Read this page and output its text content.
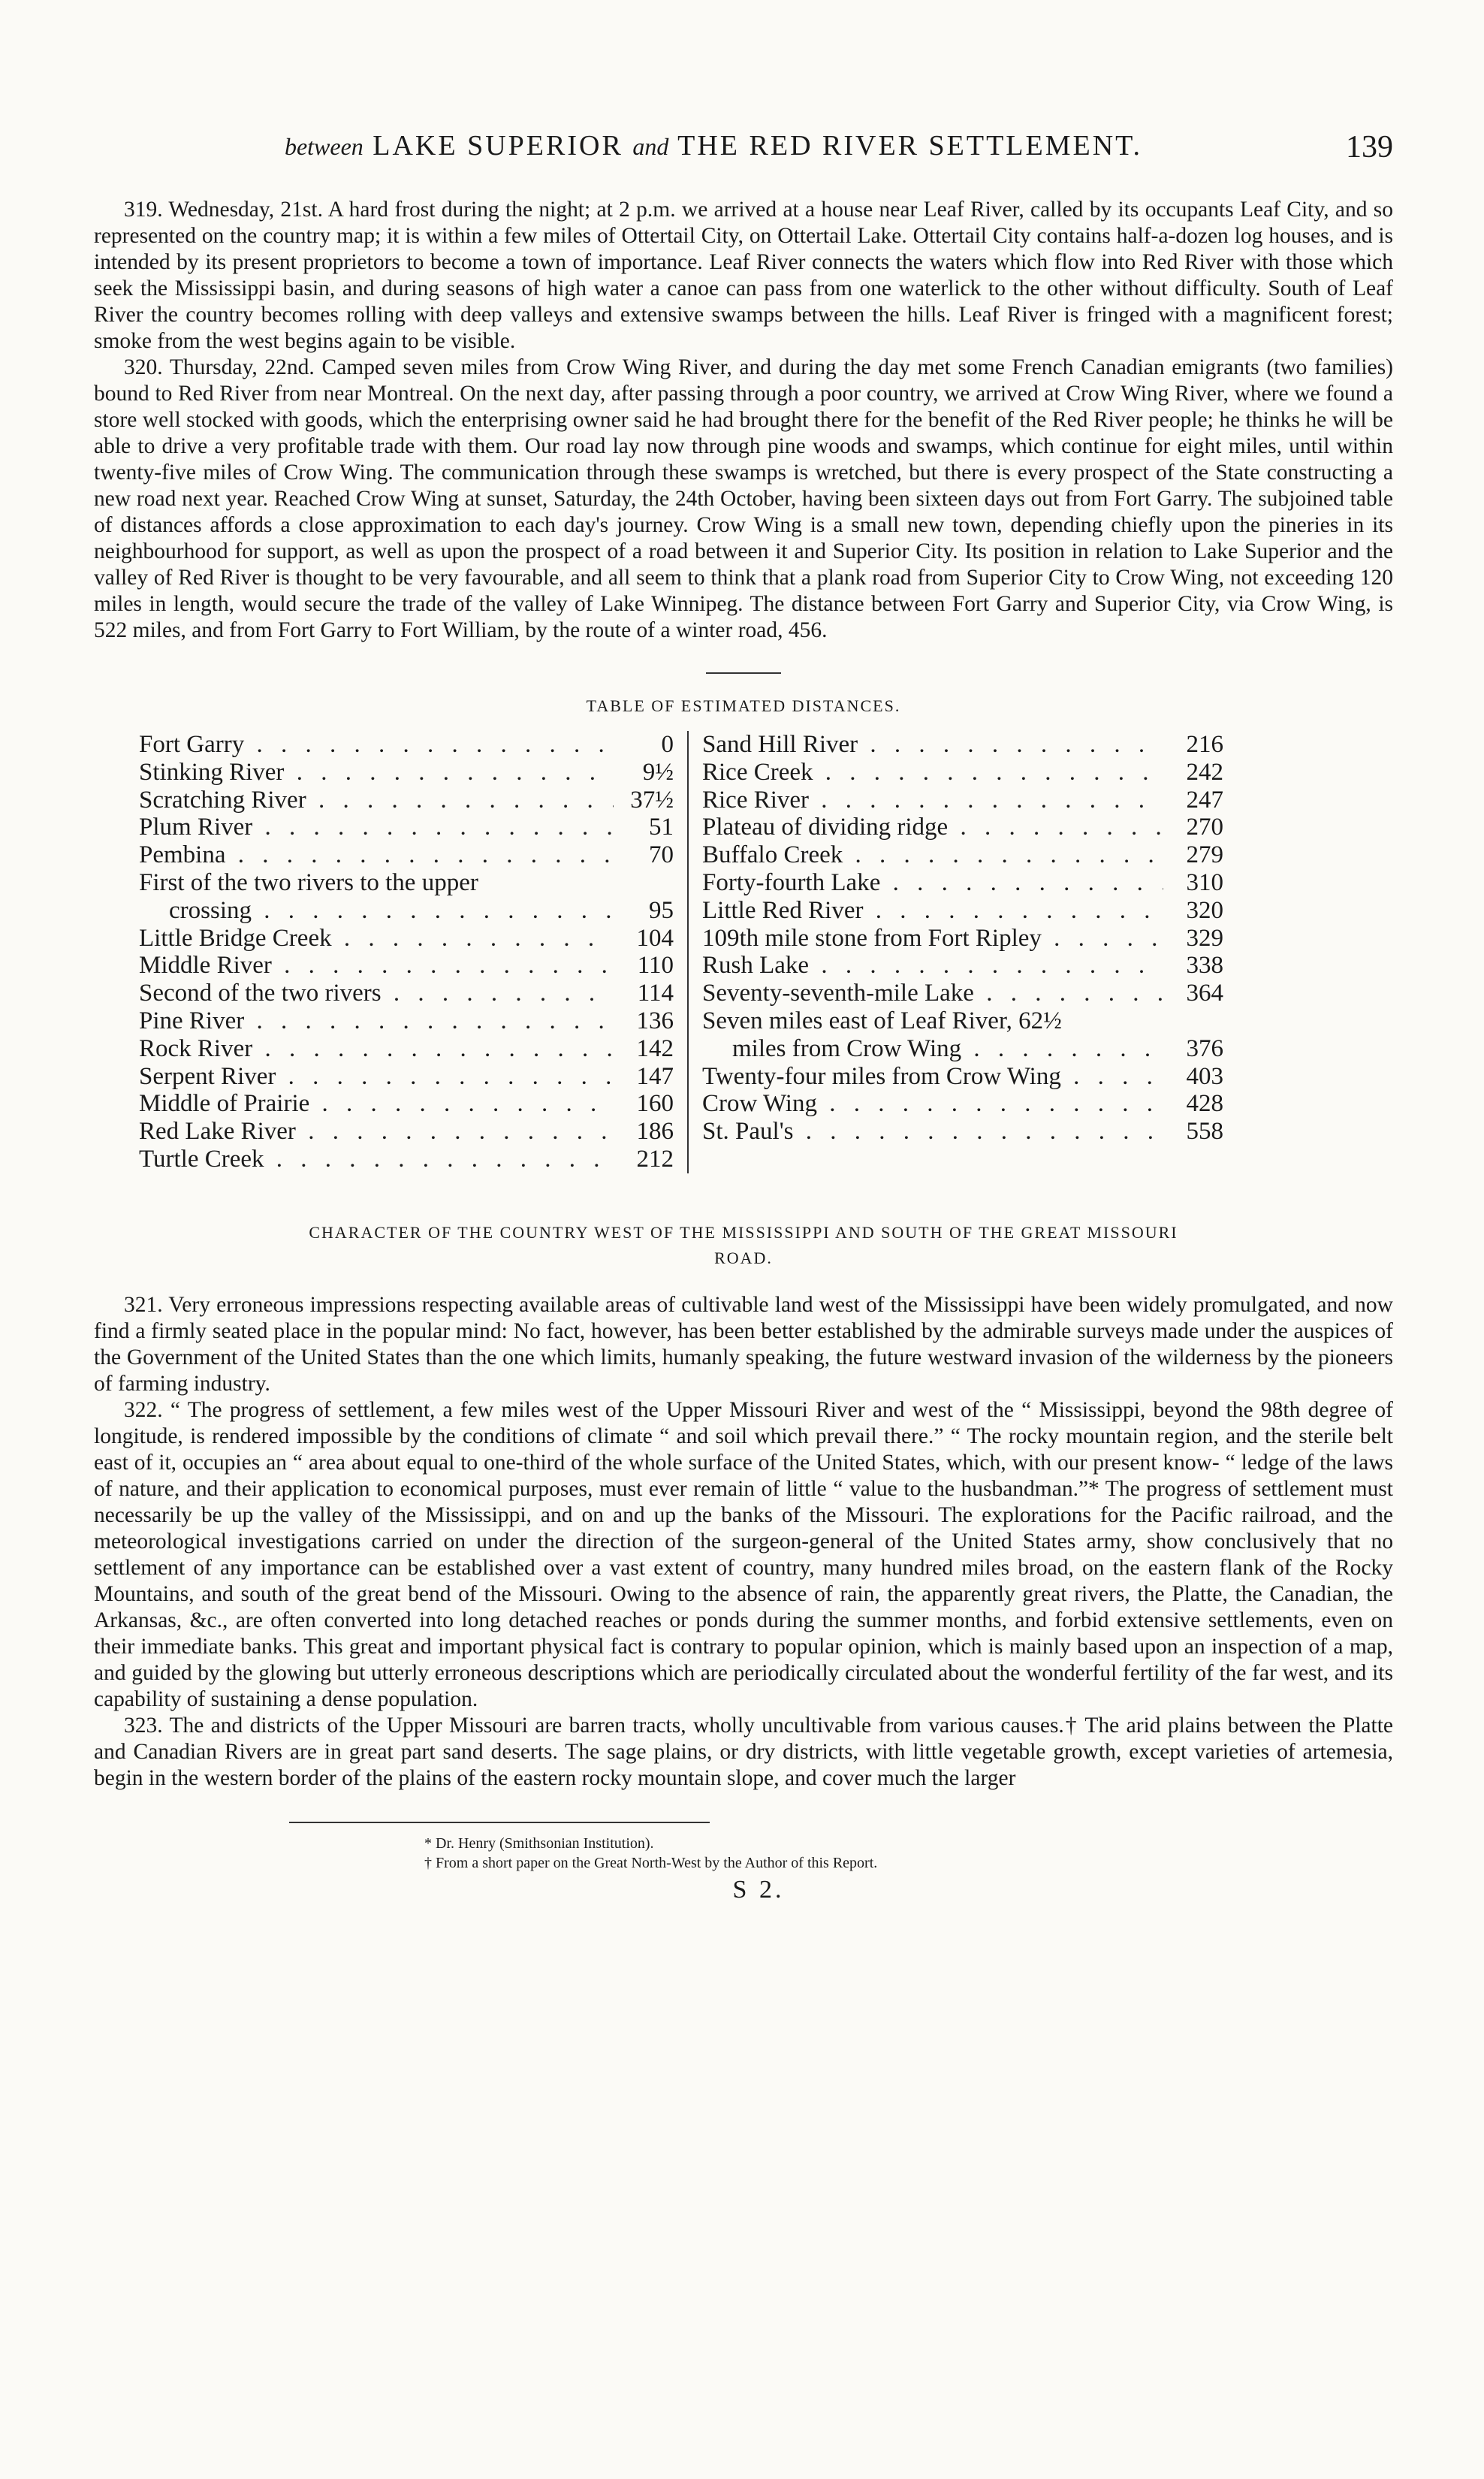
between LAKE SUPERIOR and THE RED RIVER SETTLEMENT.	139

319. Wednesday, 21st. A hard frost during the night; at 2 p.m. we arrived at a house near Leaf River, called by its occupants Leaf City, and so represented on the country map; it is within a few miles of Ottertail City, on Ottertail Lake. Ottertail City contains half-a-dozen log houses, and is intended by its present proprietors to become a town of importance. Leaf River connects the waters which flow into Red River with those which seek the Mississippi basin, and during seasons of high water a canoe can pass from one waterlick to the other without difficulty. South of Leaf River the country becomes rolling with deep valleys and extensive swamps between the hills. Leaf River is fringed with a magnificent forest; smoke from the west begins again to be visible.

320. Thursday, 22nd. Camped seven miles from Crow Wing River, and during the day met some French Canadian emigrants (two families) bound to Red River from near Montreal. On the next day, after passing through a poor country, we arrived at Crow Wing River, where we found a store well stocked with goods, which the enterprising owner said he had brought there for the benefit of the Red River people; he thinks he will be able to drive a very profitable trade with them. Our road lay now through pine woods and swamps, which continue for eight miles, until within twenty-five miles of Crow Wing. The communication through these swamps is wretched, but there is every prospect of the State constructing a new road next year. Reached Crow Wing at sunset, Saturday, the 24th October, having been sixteen days out from Fort Garry. The subjoined table of distances affords a close approximation to each day's journey. Crow Wing is a small new town, depending chiefly upon the pineries in its neighbourhood for support, as well as upon the prospect of a road between it and Superior City. Its position in relation to Lake Superior and the valley of Red River is thought to be very favourable, and all seem to think that a plank road from Superior City to Crow Wing, not exceeding 120 miles in length, would secure the trade of the valley of Lake Winnipeg. The distance between Fort Garry and Superior City, via Crow Wing, is 522 miles, and from Fort Garry to Fort William, by the route of a winter road, 456.

TABLE OF ESTIMATED DISTANCES.
Fort Garry . . .	0
Stinking River . . .	9½
Scratching River . . .	37½
Plum River . . .	51
Pembina . . .	70
First of the two rivers to the upper
crossing . . .	95
Little Bridge Creek . . .	104
Middle River . . .	110
Second of the two rivers . . .	114
Pine River . . .	136
Rock River . . .	142
Serpent River . . .	147
Middle of Prairie . . .	160
Red Lake River . . .	186
Turtle Creek . . .	212
Sand Hill River . . .	216
Rice Creek . . .	242
Rice River . . .	247
Plateau of dividing ridge . . .	270
Buffalo Creek . . .	279
Forty-fourth Lake . . .	310
Little Red River . . .	320
109th mile stone from Fort Ripley . . .	329
Rush Lake . . .	338
Seventy-seventh-mile Lake . . .	364
Seven miles east of Leaf River, 62½
miles from Crow Wing . . .	376
Twenty-four miles from Crow Wing . . .	403
Crow Wing . . .	428
St. Paul's . . .	558
CHARACTER OF THE COUNTRY WEST OF THE MISSISSIPPI AND SOUTH OF THE GREAT MISSOURI
ROAD.

321. Very erroneous impressions respecting available areas of cultivable land west of the Mississippi have been widely promulgated, and now find a firmly seated place in the popular mind: No fact, however, has been better established by the admirable surveys made under the auspices of the Government of the United States than the one which limits, humanly speaking, the future westward invasion of the wilderness by the pioneers of farming industry.

322. “ The progress of settlement, a few miles west of the Upper Missouri River and west of the “ Mississippi, beyond the 98th degree of longitude, is rendered impossible by the conditions of climate “ and soil which prevail there.” “ The rocky mountain region, and the sterile belt east of it, occupies an “ area about equal to one-third of the whole surface of the United States, which, with our present know- “ ledge of the laws of nature, and their application to economical purposes, must ever remain of little “ value to the husbandman.”* The progress of settlement must necessarily be up the valley of the Mississippi, and on and up the banks of the Missouri. The explorations for the Pacific railroad, and the meteorological investigations carried on under the direction of the surgeon-general of the United States army, show conclusively that no settlement of any importance can be established over a vast extent of country, many hundred miles broad, on the eastern flank of the Rocky Mountains, and south of the great bend of the Missouri. Owing to the absence of rain, the apparently great rivers, the Platte, the Canadian, the Arkansas, &c., are often converted into long detached reaches or ponds during the summer months, and forbid extensive settlements, even on their immediate banks. This great and important physical fact is contrary to popular opinion, which is mainly based upon an inspection of a map, and guided by the glowing but utterly erroneous descriptions which are periodically circulated about the wonderful fertility of the far west, and its capability of sustaining a dense population.

323. The and districts of the Upper Missouri are barren tracts, wholly uncultivable from various causes.† The arid plains between the Platte and Canadian Rivers are in great part sand deserts. The sage plains, or dry districts, with little vegetable growth, except varieties of artemesia, begin in the western border of the plains of the eastern rocky mountain slope, and cover much the larger

* Dr. Henry (Smithsonian Institution).
† From a short paper on the Great North-West by the Author of this Report.
S 2.
